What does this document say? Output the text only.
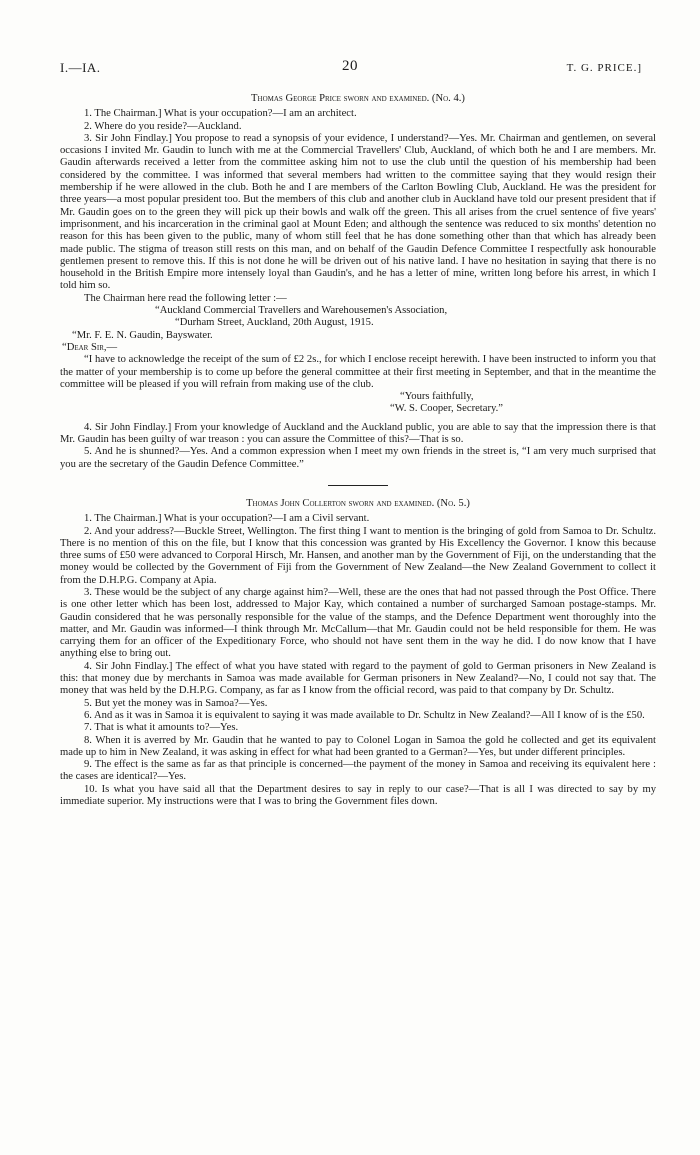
I.—IA.	20	T. G. PRICE.]
Thomas George Price sworn and examined. (No. 4.)

1. The Chairman.] What is your occupation?—I am an architect.

2. Where do you reside?—Auckland.

3. Sir John Findlay.] You propose to read a synopsis of your evidence, I understand?—Yes. Mr. Chairman and gentlemen, on several occasions I invited Mr. Gaudin to lunch with me at the Commercial Travellers' Club, Auckland, of which both he and I are members. Mr. Gaudin afterwards received a letter from the committee asking him not to use the club until the question of his membership had been considered by the committee. I was informed that several members had written to the committee saying that they would resign their membership if he were allowed in the club. Both he and I are members of the Carlton Bowling Club, Auckland. He was the president for three years—a most popular president too. But the members of this club and another club in Auckland have told our present president that if Mr. Gaudin goes on to the green they will pick up their bowls and walk off the green. This all arises from the cruel sentence of five years' imprisonment, and his incarceration in the criminal gaol at Mount Eden; and although the sentence was reduced to six months' detention no reason for this has been given to the public, many of whom still feel that he has done something other than that which has already been made public. The stigma of treason still rests on this man, and on behalf of the Gaudin Defence Committee I respectfully ask honourable gentlemen present to remove this. If this is not done he will be driven out of his native land. I have no hesitation in saying that there is no household in the British Empire more intensely loyal than Gaudin's, and he has a letter of mine, written long before his arrest, in which I told him so.

The Chairman here read the following letter :—

“Auckland Commercial Travellers and Warehousemen's Association,

“Durham Street, Auckland, 20th August, 1915.

“Mr. F. E. N. Gaudin, Bayswater.

“Dear Sir,—

“I have to acknowledge the receipt of the sum of £2 2s., for which I enclose receipt herewith. I have been instructed to inform you that the matter of your membership is to come up before the general committee at their first meeting in September, and that in the meantime the committee will be pleased if you will refrain from making use of the club.

“Yours faithfully,

“W. S. Cooper, Secretary.”

4. Sir John Findlay.] From your knowledge of Auckland and the Auckland public, you are able to say that the impression there is that Mr. Gaudin has been guilty of war treason : you can assure the Committee of this?—That is so.

5. And he is shunned?—Yes. And a common expression when I meet my own friends in the street is, “I am very much surprised that you are the secretary of the Gaudin Defence Committee.”

Thomas John Collerton sworn and examined. (No. 5.)

1. The Chairman.] What is your occupation?—I am a Civil servant.

2. And your address?—Buckle Street, Wellington. The first thing I want to mention is the bringing of gold from Samoa to Dr. Schultz. There is no mention of this on the file, but I know that this concession was granted by His Excellency the Governor. I know this because three sums of £50 were advanced to Corporal Hirsch, Mr. Hansen, and another man by the Government of Fiji, on the understanding that the money would be collected by the Government of Fiji from the Government of New Zealand—the New Zealand Government to collect it from the D.H.P.G. Company at Apia.

3. These would be the subject of any charge against him?—Well, these are the ones that had not passed through the Post Office. There is one other letter which has been lost, addressed to Major Kay, which contained a number of surcharged Samoan postage-stamps. Mr. Gaudin considered that he was personally responsible for the value of the stamps, and the Defence Department went thoroughly into the matter, and Mr. Gaudin was informed—I think through Mr. McCallum—that Mr. Gaudin could not be held responsible for them. He was carrying them for an officer of the Expeditionary Force, who should not have sent them in the way he did. I do now know that I have anything else to bring out.

4. Sir John Findlay.] The effect of what you have stated with regard to the payment of gold to German prisoners in New Zealand is this: that money due by merchants in Samoa was made available for German prisoners in New Zealand?—No, I could not say that. The money that was held by the D.H.P.G. Company, as far as I know from the official record, was paid to that company by Dr. Schultz.

5. But yet the money was in Samoa?—Yes.

6. And as it was in Samoa it is equivalent to saying it was made available to Dr. Schultz in New Zealand?—All I know of is the £50.

7. That is what it amounts to?—Yes.

8. When it is averred by Mr. Gaudin that he wanted to pay to Colonel Logan in Samoa the gold he collected and get its equivalent made up to him in New Zealand, it was asking in effect for what had been granted to a German?—Yes, but under different principles.

9. The effect is the same as far as that principle is concerned—the payment of the money in Samoa and receiving its equivalent here : the cases are identical?—Yes.

10. Is what you have said all that the Department desires to say in reply to our case?—That is all I was directed to say by my immediate superior. My instructions were that I was to bring the Government files down.
